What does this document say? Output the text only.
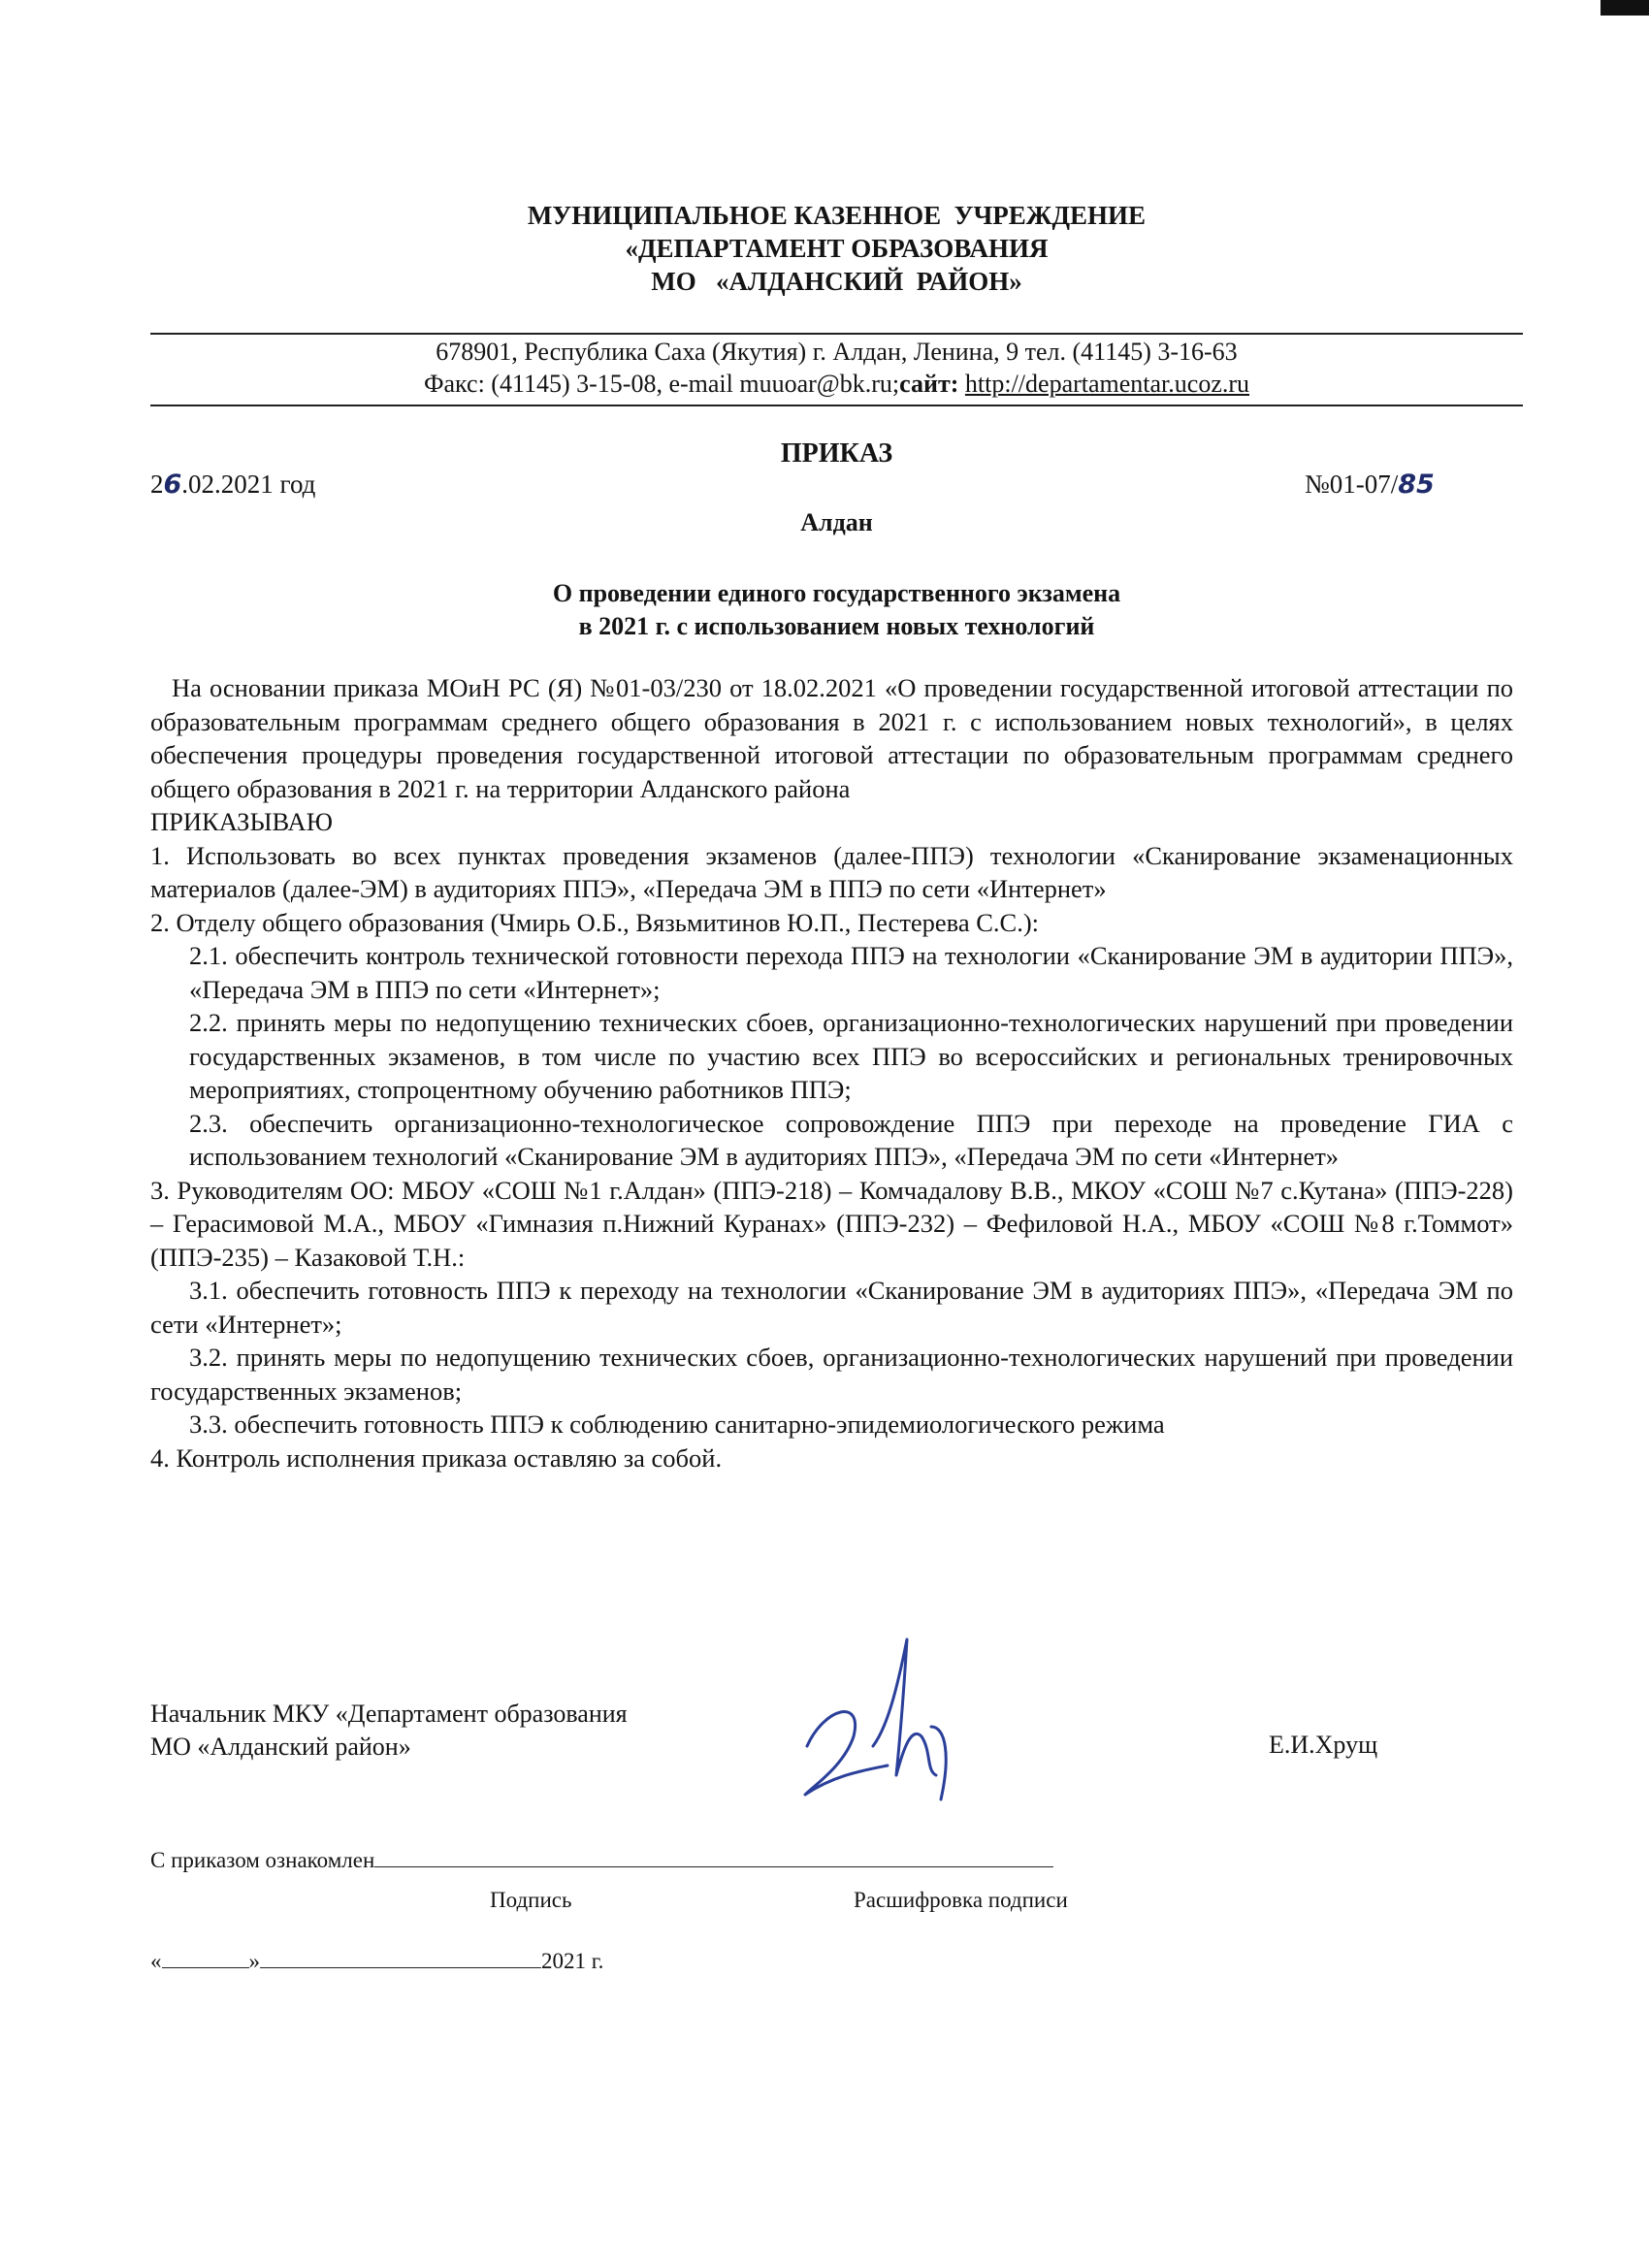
МУНИЦИПАЛЬНОЕ КАЗЕННОЕ  УЧРЕЖДЕНИЕ
«ДЕПАРТАМЕНТ ОБРАЗОВАНИЯ
МО   «АЛДАНСКИЙ  РАЙОН»
678901, Республика Саха (Якутия) г. Алдан, Ленина, 9 тел. (41145) 3-16-63
Факс: (41145) 3-15-08, e-mail muuoar@bk.ru;сайт: http://departamentar.ucoz.ru
ПРИКАЗ
26.02.2021 год	№01-07/85
Алдан
О проведении единого государственного экзамена
в 2021 г. с использованием новых технологий

На основании приказа МОиН РС (Я) №01-03/230 от 18.02.2021 «О проведении государственной итоговой аттестации по образовательным программам среднего общего образования в 2021 г. с использованием новых технологий», в целях обеспечения процедуры проведения государственной итоговой аттестации по образовательным программам среднего общего образования в 2021 г. на территории Алданского района

ПРИКАЗЫВАЮ

1. Использовать во всех пунктах проведения экзаменов (далее-ППЭ) технологии «Сканирование экзаменационных материалов (далее-ЭМ) в аудиториях ППЭ», «Передача ЭМ в ППЭ по сети «Интернет»

2. Отделу общего образования (Чмирь О.Б., Вязьмитинов Ю.П., Пестерева С.С.):

2.1. обеспечить контроль технической готовности перехода ППЭ на технологии «Сканирование ЭМ в аудитории ППЭ», «Передача ЭМ в ППЭ по сети «Интернет»;

2.2. принять меры по недопущению технических сбоев, организационно-технологических нарушений при проведении государственных экзаменов, в том числе по участию всех ППЭ во всероссийских и региональных тренировочных мероприятиях, стопроцентному обучению работников ППЭ;

2.3. обеспечить организационно-технологическое сопровождение ППЭ при переходе на проведение ГИА с использованием технологий «Сканирование ЭМ в аудиториях ППЭ», «Передача ЭМ по сети «Интернет»

3. Руководителям ОО: МБОУ «СОШ №1 г.Алдан» (ППЭ-218) – Комчадалову В.В., МКОУ «СОШ №7 с.Кутана» (ППЭ-228) – Герасимовой М.А., МБОУ «Гимназия п.Нижний Куранах» (ППЭ-232) – Фефиловой Н.А., МБОУ «СОШ №8 г.Томмот» (ППЭ-235) – Казаковой Т.Н.:

3.1. обеспечить готовность ППЭ к переходу на технологии «Сканирование ЭМ в аудиториях ППЭ», «Передача ЭМ по сети «Интернет»;

3.2. принять меры по недопущению технических сбоев, организационно-технологических нарушений при проведении государственных экзаменов;

3.3. обеспечить готовность ППЭ к соблюдению санитарно-эпидемиологического режима

4. Контроль исполнения приказа оставляю за собой.

Начальник МКУ «Департамент образования
МО «Алданский район»	Е.И.Хрущ
С приказом ознакомлен
Подпись	Расшифровка подписи
«	»	2021 г.
